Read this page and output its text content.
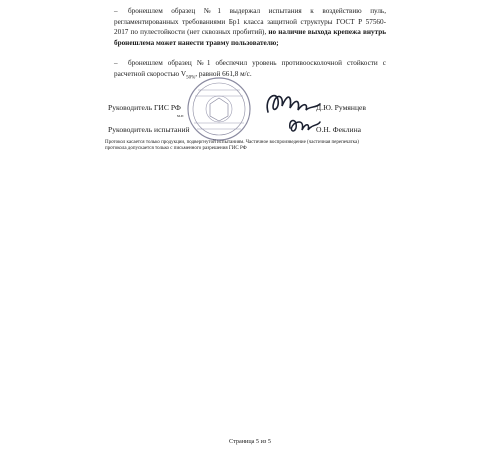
– бронешлем образец №1 выдержал испытания к воздействию пуль, регламентированных требованиями Бр1 класса защитной структуры ГОСТ Р 57560-2017 по пулестойкости (нет сквозных пробитий), но наличие выхода крепежа внутрь бронешлема может нанести травму пользователю;
– бронешлем образец №1 обеспечил уровень противоосколочной стойкости с расчетной скоростью $V_{50\%}$, равной 661,8 м/с.
Руководитель ГИС РФ
м.п
Д.Ю. Румянцев
Руководитель испытаний	О.Н. Феклина
Протокол касается только продукции, подвергнутой испытаниям. Частичное воспроизведение (частичная перепечатка)
протокола допускается только с письменного разрешения ГИС РФ
Страница 5 из 5
